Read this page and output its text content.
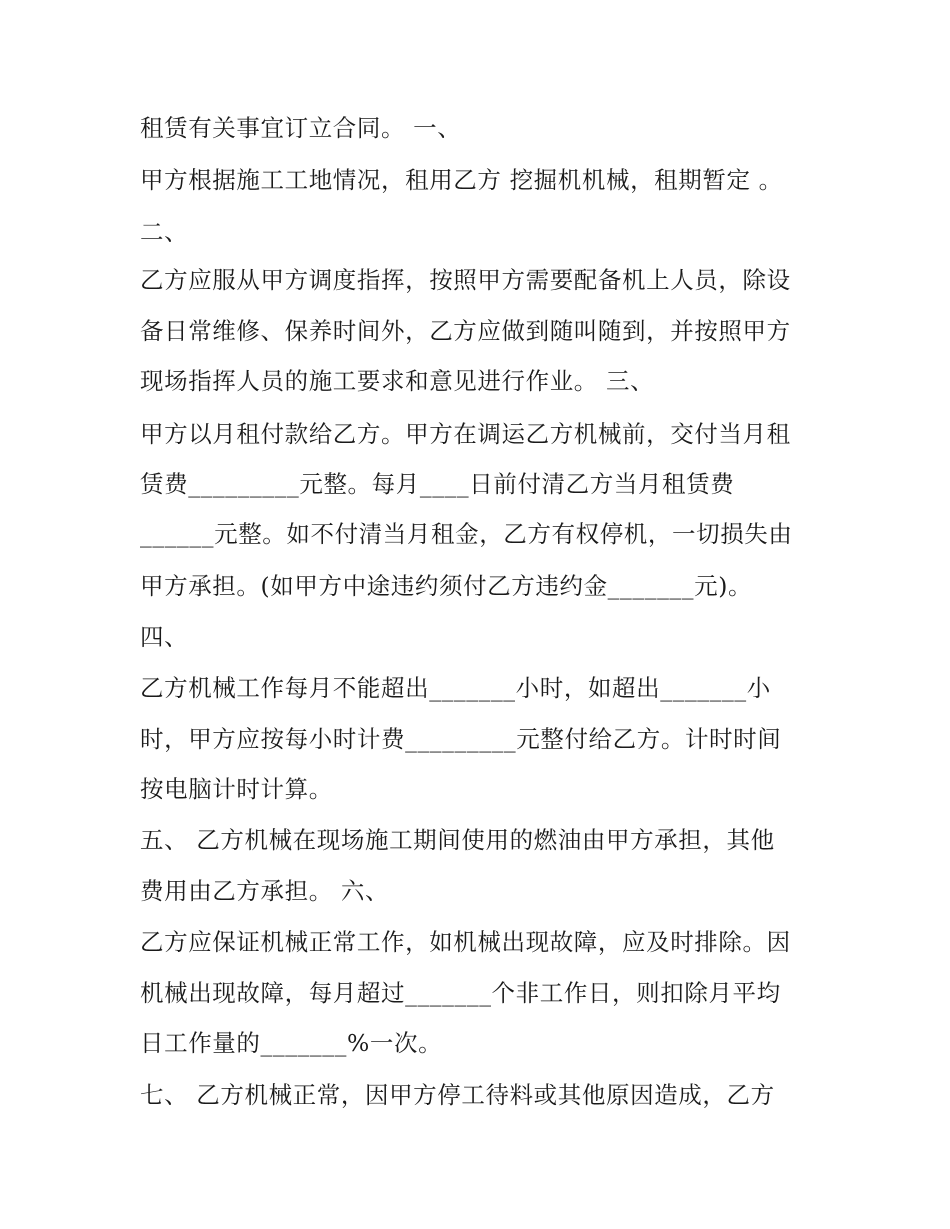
租赁有关事宜订立合同。 一、
甲方根据施工工地情况，租用乙方 挖掘机机械，租期暂定 。
二、
乙方应服从甲方调度指挥，按照甲方需要配备机上人员，除设
备日常维修、保养时间外，乙方应做到随叫随到，并按照甲方
现场指挥人员的施工要求和意见进行作业。 三、
甲方以月租付款给乙方。甲方在调运乙方机械前，交付当月租
赁费_________元整。每月____日前付清乙方当月租赁费
______元整。如不付清当月租金，乙方有权停机，一切损失由
甲方承担。(如甲方中途违约须付乙方违约金_______元)。
四、
乙方机械工作每月不能超出_______小时，如超出_______小
时，甲方应按每小时计费_________元整付给乙方。计时时间
按电脑计时计算。
五、 乙方机械在现场施工期间使用的燃油由甲方承担，其他
费用由乙方承担。 六、
乙方应保证机械正常工作，如机械出现故障，应及时排除。因
机械出现故障，每月超过_______个非工作日，则扣除月平均
日工作量的_______%一次。
七、 乙方机械正常，因甲方停工待料或其他原因造成，乙方
